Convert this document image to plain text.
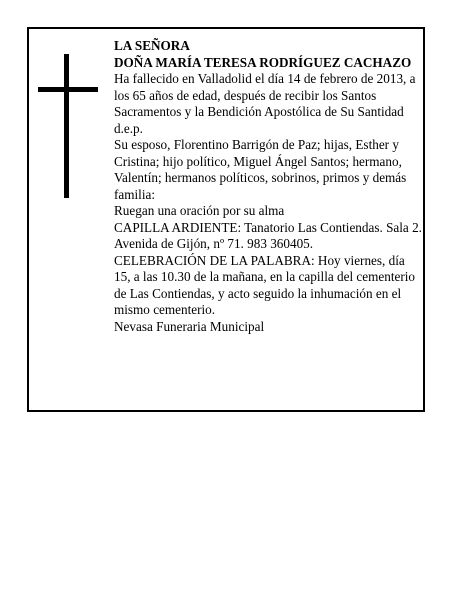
LA SEÑORA

DOÑA MARÍA TERESA RODRÍGUEZ CACHAZO

Ha fallecido en Valladolid el día 14 de febrero de 2013, a los 65 años de edad, después de recibir los Santos Sacramentos y la Bendición Apostólica de Su Santidad

d.e.p.

Su esposo, Florentino Barrigón de Paz; hijas, Esther y Cristina; hijo político, Miguel Ángel Santos; hermano, Valentín; hermanos políticos, sobrinos, primos y demás familia:

Ruegan una oración por su alma

CAPILLA ARDIENTE: Tanatorio Las Contiendas. Sala 2. Avenida de Gijón, nº 71. 983 360405.

CELEBRACIÓN DE LA PALABRA: Hoy viernes, día 15, a las 10.30 de la mañana, en la capilla del cementerio de Las Contiendas, y acto seguido la inhumación en el mismo cementerio.

Nevasa Funeraria Municipal
